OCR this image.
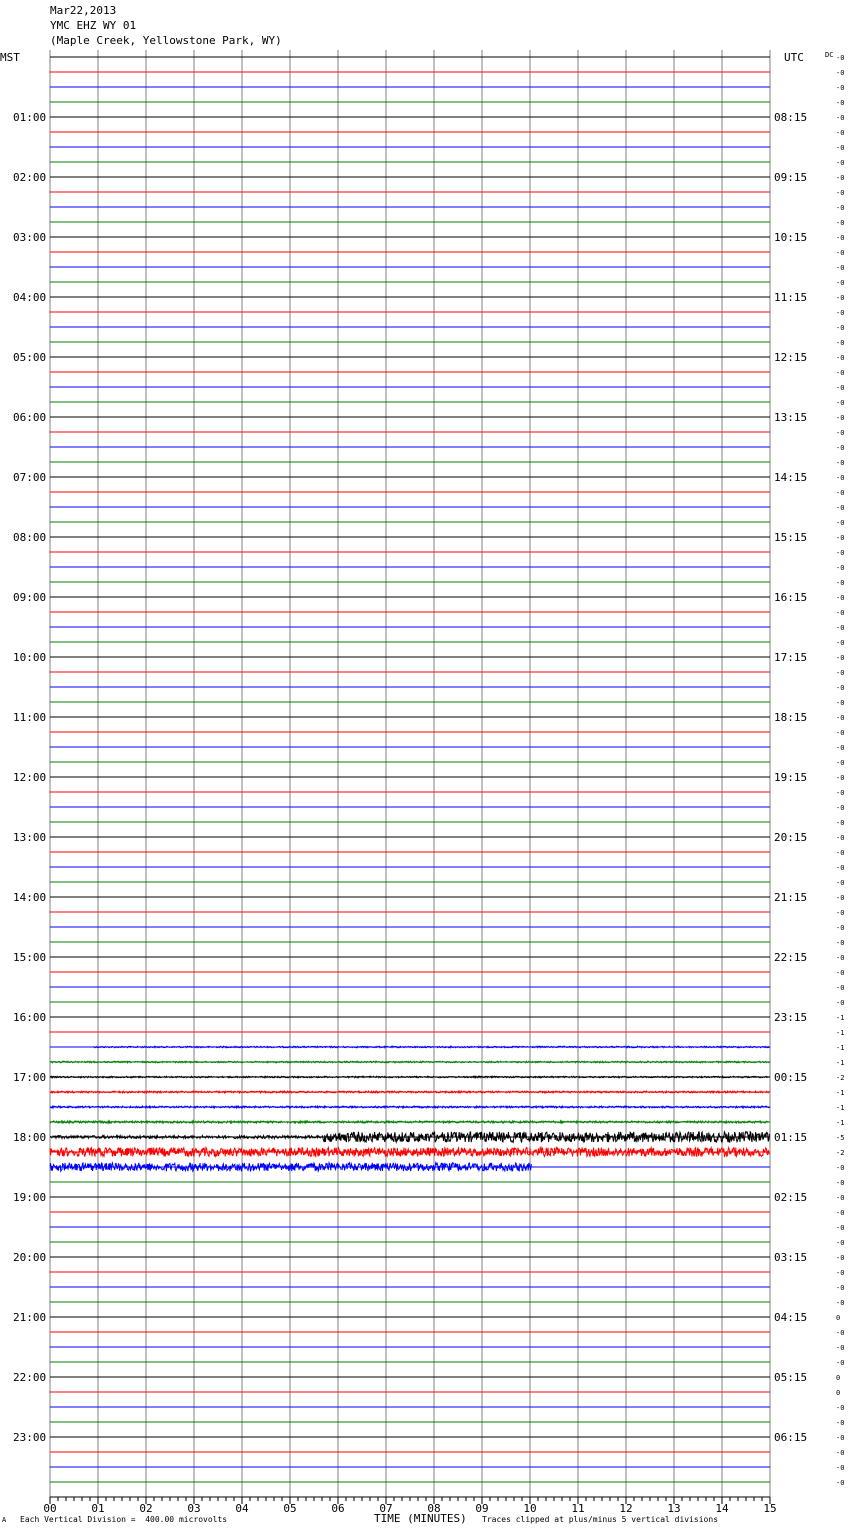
Mar22,2013
YMC EHZ WY 01
(Maple Creek, Yellowstone Park, WY)
01:00	08:15
02:00	09:15
03:00	10:15
04:00	11:15
05:00	12:15
06:00	13:15
07:00	14:15
08:00	15:15
09:00	16:15
10:00	17:15
11:00	18:15
12:00	19:15
13:00	20:15
14:00	21:15
15:00	22:15
16:00	23:15
17:00	00:15
18:00	01:15
19:00	02:15
20:00	03:15
21:00	04:15
22:00	05:15
23:00	06:15
-0
-0
-0
-0
-0
-0
-0
-0
-0
-0
-0
-0
-0
-0
-0
-0
-0
-0
-0
-0
-0
-0
-0
-0
-0
-0
-0
-0
-0
-0
-0
-0
-0
-0
-0
-0
-0
-0
-0
-0
-0
-0
-0
-0
-0
-0
-0
-0
-0
-0
-0
-0
-0
-0
-0
-0
-0
-0
-0
-0
-0
-0
-0
-0
-1
-1
-1
-1
-2
-1
-1
-1
-5
-2
-0
-0
-0
-0
-0
-0
-0
-0
-0
-0
0
-0
-0
-0
0
0
-0
-0
-0
-0
-0
-0
00	01	02	03	04	05	06	07	08	09	10	11	12	13	14	15
MST	UTC	DC
TIME (MINUTES)
A Each Vertical Division =  400.00 microvolts	Traces clipped at plus/minus 5 vertical divisions
